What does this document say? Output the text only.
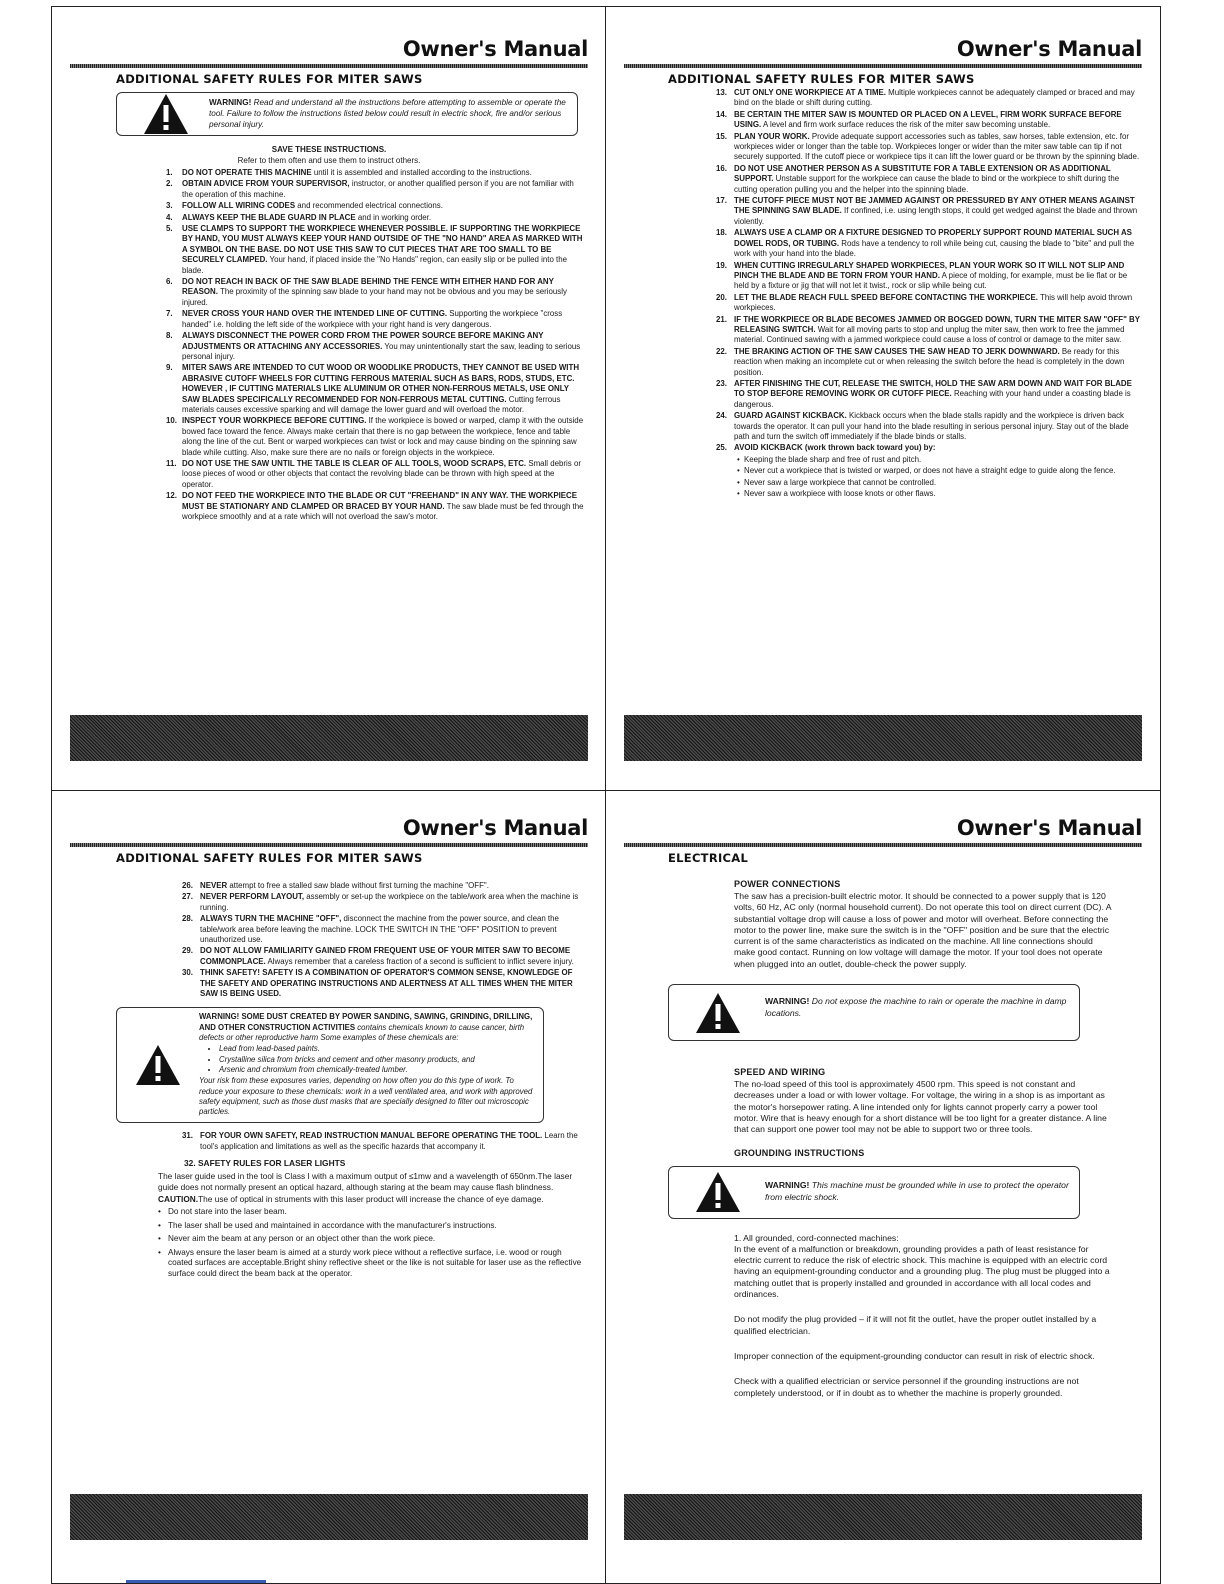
Owner's Manual
ADDITIONAL SAFETY RULES FOR MITER SAWS
WARNING! Read and understand all the instructions before attempting to assemble or operate the tool. Failure to follow the instructions listed below could result in electric shock, fire and/or serious personal injury.
SAVE THESE INSTRUCTIONS.
Refer to them often and use them to instruct others.
1. DO NOT OPERATE THIS MACHINE until it is assembled and installed according to the instructions.
2. OBTAIN ADVICE FROM YOUR SUPERVISOR, instructor, or another qualified person if you are not familiar with the operation of this machine.
3. FOLLOW ALL WIRING CODES and recommended electrical connections.
4. ALWAYS KEEP THE BLADE GUARD IN PLACE and in working order.
5. USE CLAMPS TO SUPPORT THE WORKPIECE WHENEVER POSSIBLE. IF SUPPORTING THE WORKPIECE BY HAND, YOU MUST ALWAYS KEEP YOUR HAND OUTSIDE OF THE "NO HAND" AREA AS MARKED WITH A SYMBOL ON THE BASE. DO NOT USE THIS SAW TO CUT PIECES THAT ARE TOO SMALL TO BE SECURELY CLAMPED. Your hand, if placed inside the "No Hands" region, can easily slip or be pulled into the blade.
6. DO NOT REACH IN BACK OF THE SAW BLADE BEHIND THE FENCE WITH EITHER HAND FOR ANY REASON. The proximity of the spinning saw blade to your hand may not be obvious and you may be seriously injured.
7. NEVER CROSS YOUR HAND OVER THE INTENDED LINE OF CUTTING. Supporting the workpiece "cross handed" i.e. holding the left side of the workpiece with your right hand is very dangerous.
8. ALWAYS DISCONNECT THE POWER CORD FROM THE POWER SOURCE BEFORE MAKING ANY ADJUSTMENTS OR ATTACHING ANY ACCESSORIES. You may unintentionally start the saw, leading to serious personal injury.
9. MITER SAWS ARE INTENDED TO CUT WOOD OR WOODLIKE PRODUCTS, THEY CANNOT BE USED WITH ABRASIVE CUTOFF WHEELS FOR CUTTING FERROUS MATERIAL SUCH AS BARS, RODS, STUDS, ETC. HOWEVER , IF CUTTING MATERIALS LIKE ALUMINUM OR OTHER NON-FERROUS METALS, USE ONLY SAW BLADES SPECIFICALLY RECOMMENDED FOR NON-FERROUS METAL CUTTING. Cutting ferrous materials causes excessive sparking and will damage the lower guard and will overload the motor.
10. INSPECT YOUR WORKPIECE BEFORE CUTTING. If the workpiece is bowed or warped, clamp it with the outside bowed face toward the fence. Always make certain that there is no gap between the workpiece, fence and table along the line of the cut. Bent or warped workpieces can twist or lock and may cause binding on the spinning saw blade while cutting. Also, make sure there are no nails or foreign objects in the workpiece.
11. DO NOT USE THE SAW UNTIL THE TABLE IS CLEAR OF ALL TOOLS, WOOD SCRAPS, ETC. Small debris or loose pieces of wood or other objects that contact the revolving blade can be thrown with high speed at the operator.
12. DO NOT FEED THE WORKPIECE INTO THE BLADE OR CUT "FREEHAND" IN ANY WAY. THE WORKPIECE MUST BE STATIONARY AND CLAMPED OR BRACED BY YOUR HAND. The saw blade must be fed through the workpiece smoothly and at a rate which will not overload the saw's motor.
Owner's Manual
ADDITIONAL SAFETY RULES FOR MITER SAWS
13. CUT ONLY ONE WORKPIECE AT A TIME. Multiple workpieces cannot be adequately clamped or braced and may bind on the blade or shift during cutting.
14. BE CERTAIN THE MITER SAW IS MOUNTED OR PLACED ON A LEVEL, FIRM WORK SURFACE BEFORE USING. A level and firm work surface reduces the risk of the miter saw becoming unstable.
15. PLAN YOUR WORK. Provide adequate support accessories such as tables, saw horses, table extension, etc. for workpieces wider or longer than the table top. Workpieces longer or wider than the miter saw table can tip if not securely supported. If the cutoff piece or workpiece tips it can lift the lower guard or be thrown by the spinning blade.
16. DO NOT USE ANOTHER PERSON AS A SUBSTITUTE FOR A TABLE EXTENSION OR AS ADDITIONAL SUPPORT. Unstable support for the workpiece can cause the blade to bind or the workpiece to shift during the cutting operation pulling you and the helper into the spinning blade.
17. THE CUTOFF PIECE MUST NOT BE JAMMED AGAINST OR PRESSURED BY ANY OTHER MEANS AGAINST THE SPINNING SAW BLADE. If confined, i.e. using length stops, it could get wedged against the blade and thrown violently.
18. ALWAYS USE A CLAMP OR A FIXTURE DESIGNED TO PROPERLY SUPPORT ROUND MATERIAL SUCH AS DOWEL RODS, OR TUBING. Rods have a tendency to roll while being cut, causing the blade to "bite" and pull the work with your hand into the blade.
19. WHEN CUTTING IRREGULARLY SHAPED WORKPIECES, PLAN YOUR WORK SO IT WILL NOT SLIP AND PINCH THE BLADE AND BE TORN FROM YOUR HAND. A piece of molding, for example, must be lie flat or be held by a fixture or jig that will not let it twist., rock or slip while being cut.
20. LET THE BLADE REACH FULL SPEED BEFORE CONTACTING THE WORKPIECE. This will help avoid thrown workpieces.
21. IF THE WORKPIECE OR BLADE BECOMES JAMMED OR BOGGED DOWN, TURN THE MITER SAW "OFF" BY RELEASING SWITCH. Wait for all moving parts to stop and unplug the miter saw, then work to free the jammed material. Continued sawing with a jammed workpiece could cause a loss of control or damage to the miter saw.
22. THE BRAKING ACTION OF THE SAW CAUSES THE SAW HEAD TO JERK DOWNWARD. Be ready for this reaction when making an incomplete cut or when releasing the switch before the head is completely in the down position.
23. AFTER FINISHING THE CUT, RELEASE THE SWITCH, HOLD THE SAW ARM DOWN AND WAIT FOR BLADE TO STOP BEFORE REMOVING WORK OR CUTOFF PIECE. Reaching with your hand under a coasting blade is dangerous.
24. GUARD AGAINST KICKBACK. Kickback occurs when the blade stalls rapidly and the workpiece is driven back towards the operator. It can pull your hand into the blade resulting in serious personal injury. Stay out of the blade path and turn the switch off immediately if the blade binds or stalls.
25. AVOID KICKBACK (work thrown back toward you) by:
• Keeping the blade sharp and free of rust and pitch.
• Never cut a workpiece that is twisted or warped, or does not have a straight edge to guide along the fence.
• Never saw a large workpiece that cannot be controlled.
• Never saw a workpiece with loose knots or other flaws.
Owner's Manual
ADDITIONAL SAFETY RULES FOR MITER SAWS
26. NEVER attempt to free a stalled saw blade without first turning the machine "OFF".
27. NEVER PERFORM LAYOUT, assembly or set-up the workpiece on the table/work area when the machine is running.
28. ALWAYS TURN THE MACHINE "OFF", disconnect the machine from the power source, and clean the table/work area before leaving the machine. LOCK THE SWITCH IN THE "OFF" POSITION to prevent unauthorized use.
29. DO NOT ALLOW FAMILIARITY GAINED FROM FREQUENT USE OF YOUR MITER SAW TO BECOME COMMONPLACE. Always remember that a careless fraction of a second is sufficient to inflict severe injury.
30. THINK SAFETY! SAFETY IS A COMBINATION OF OPERATOR'S COMMON SENSE, KNOWLEDGE OF THE SAFETY AND OPERATING INSTRUCTIONS AND ALERTNESS AT ALL TIMES WHEN THE MITER SAW IS BEING USED.
WARNING! SOME DUST CREATED BY POWER SANDING, SAWING, GRINDING, DRILLING, AND OTHER CONSTRUCTION ACTIVITIES contains chemicals known to cause cancer, birth defects or other reproductive harm Some examples of these chemicals are:
• Lead from lead-based paints.
• Crystalline silica from bricks and cement and other masonry products, and
• Arsenic and chromium from chemically-treated lumber.
Your risk from these exposures varies, depending on how often you do this type of work. To reduce your exposure to these chemicals: work in a well ventilated area, and work with approved safety equipment, such as those dust masks that are specially designed to filter out microscopic particles.
31. FOR YOUR OWN SAFETY, READ INSTRUCTION MANUAL BEFORE OPERATING THE TOOL. Learn the tool's application and limitations as well as the specific hazards that accompany it.
32. SAFETY RULES FOR LASER LIGHTS
The laser guide used in the tool is Class I with a maximum output of ≤1mw and a wavelength of 650nm.The laser guide does not normally present an optical hazard, although staring at the beam may cause flash blindness.
CAUTION.The use of optical in struments with this laser product will increase the chance of eye damage.
• Do not stare into the laser beam.
• The laser shall be used and maintained in accordance with the manufacturer's instructions.
• Never aim the beam at any person or an object other than the work piece.
• Always ensure the laser beam is aimed at a sturdy work piece without a reflective surface, i.e. wood or rough coated surfaces are acceptable.Bright shiny reflective sheet or the like is not suitable for laser use as the reflective surface could direct the beam back at the operator.
Owner's Manual
ELECTRICAL
POWER CONNECTIONS
The saw has a precision-built electric motor. It should be connected to a power supply that is 120 volts, 60 Hz, AC only (normal household current). Do not operate this tool on direct current (DC). A substantial voltage drop will cause a loss of power and motor will overheat. Before connecting the motor to the power line, make sure the switch is in the "OFF" position and be sure that the electric current is of the same characteristics as indicated on the machine. All line connections should make good contact. Running on low voltage will damage the motor. If your tool does not operate when plugged into an outlet, double-check the power supply.
WARNING! Do not expose the machine to rain or operate the machine in damp locations.
SPEED AND WIRING
The no-load speed of this tool is approximately 4500 rpm. This speed is not constant and decreases under a load or with lower voltage. For voltage, the wiring in a shop is as important as the motor's horsepower rating. A line intended only for lights cannot properly carry a power tool motor. Wire that is heavy enough for a short distance will be too light for a greater distance. A line that can support one power tool may not be able to support two or three tools.
GROUNDING INSTRUCTIONS
WARNING! This machine must be grounded while in use to protect the operator from electric shock.
1. All grounded, cord-connected machines:
In the event of a malfunction or breakdown, grounding provides a path of least resistance for electric current to reduce the risk of electric shock. This machine is equipped with an electric cord having an equipment-grounding conductor and a grounding plug. The plug must be plugged into a matching outlet that is properly installed and grounded in accordance with all local codes and ordinances.
Do not modify the plug provided – if it will not fit the outlet, have the proper outlet installed by a qualified electrician.
Improper connection of the equipment-grounding conductor can result in risk of electric shock.
Check with a qualified electrician or service personnel if the grounding instructions are not completely understood, or if in doubt as to whether the machine is properly grounded.
